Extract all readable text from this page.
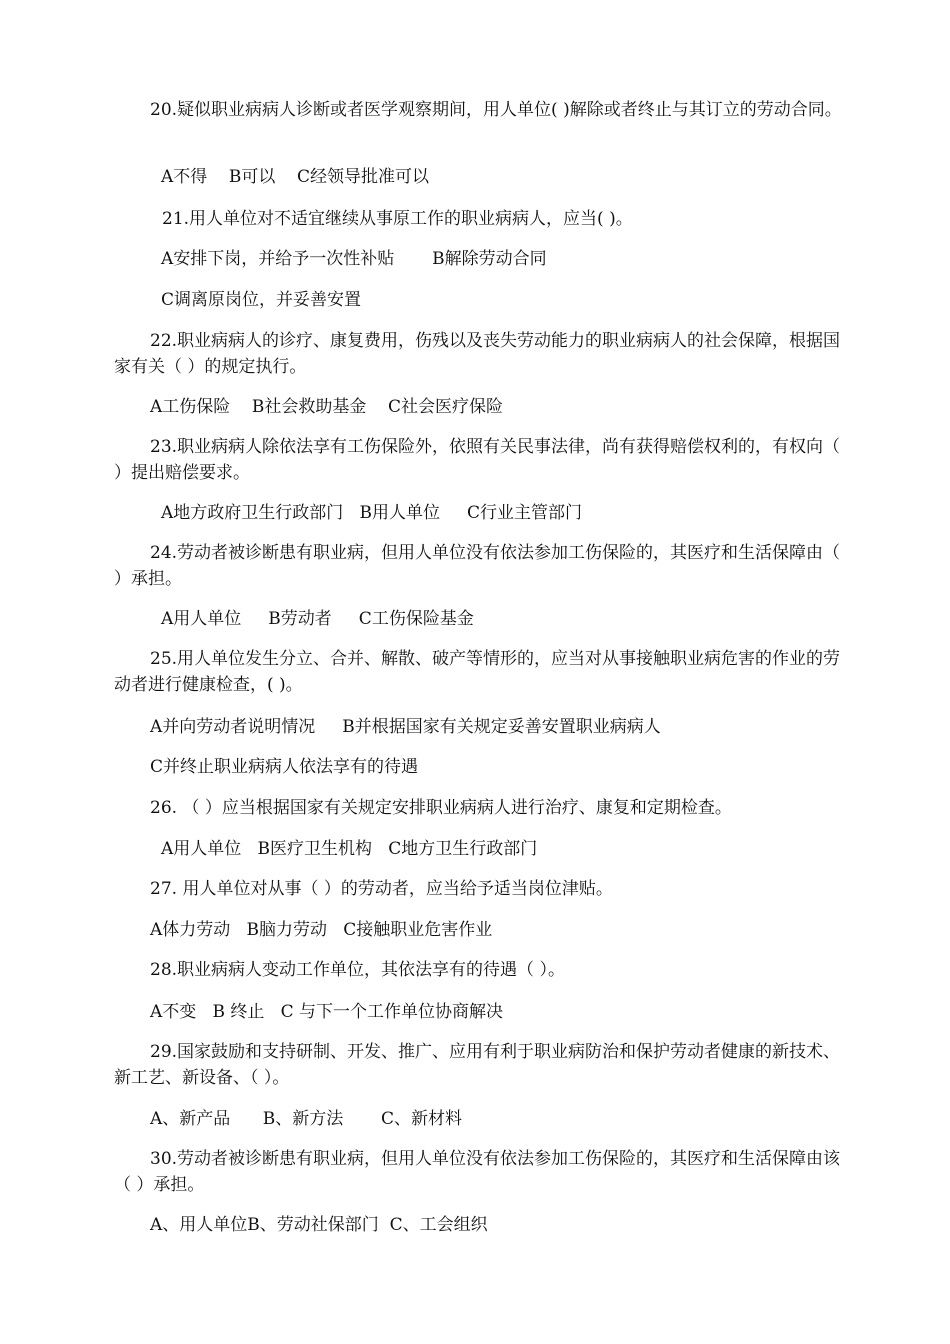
20.疑似职业病病人诊断或者医学观察期间，用人单位( )解除或者终止与其订立的劳动合同。

A不得    B可以    C经领导批准可以

21.用人单位对不适宜继续从事原工作的职业病病人，应当( )。

A安排下岗，并给予一次性补贴       B解除劳动合同

C调离原岗位，并妥善安置

22.职业病病人的诊疗、康复费用，伤残以及丧失劳动能力的职业病病人的社会保障，根据国家有关（ ）的规定执行。

A工伤保险    B社会救助基金    C社会医疗保险

23.职业病病人除依法享有工伤保险外，依照有关民事法律，尚有获得赔偿权利的，有权向（ ）提出赔偿要求。

A地方政府卫生行政部门   B用人单位     C行业主管部门

24.劳动者被诊断患有职业病，但用人单位没有依法参加工伤保险的，其医疗和生活保障由（ ）承担。

A用人单位     B劳动者     C工伤保险基金

25.用人单位发生分立、合并、解散、破产等情形的，应当对从事接触职业病危害的作业的劳动者进行健康检查，( )。

A并向劳动者说明情况     B并根据国家有关规定妥善安置职业病病人

C并终止职业病病人依法享有的待遇

26. （ ）应当根据国家有关规定安排职业病病人进行治疗、康复和定期检查。

A用人单位   B医疗卫生机构   C地方卫生行政部门

27. 用人单位对从事（ ）的劳动者，应当给予适当岗位津贴。

A体力劳动   B脑力劳动   C接触职业危害作业

28.职业病病人变动工作单位，其依法享有的待遇（ ）。

A不变   B 终止   C 与下一个工作单位协商解决

29.国家鼓励和支持研制、开发、推广、应用有利于职业病防治和保护劳动者健康的新技术、新工艺、新设备、（ ）。

A、新产品      B、新方法       C、新材料

30.劳动者被诊断患有职业病，但用人单位没有依法参加工伤保险的，其医疗和生活保障由该（ ）承担。

A、用人单位B、劳动社保部门  C、工会组织
